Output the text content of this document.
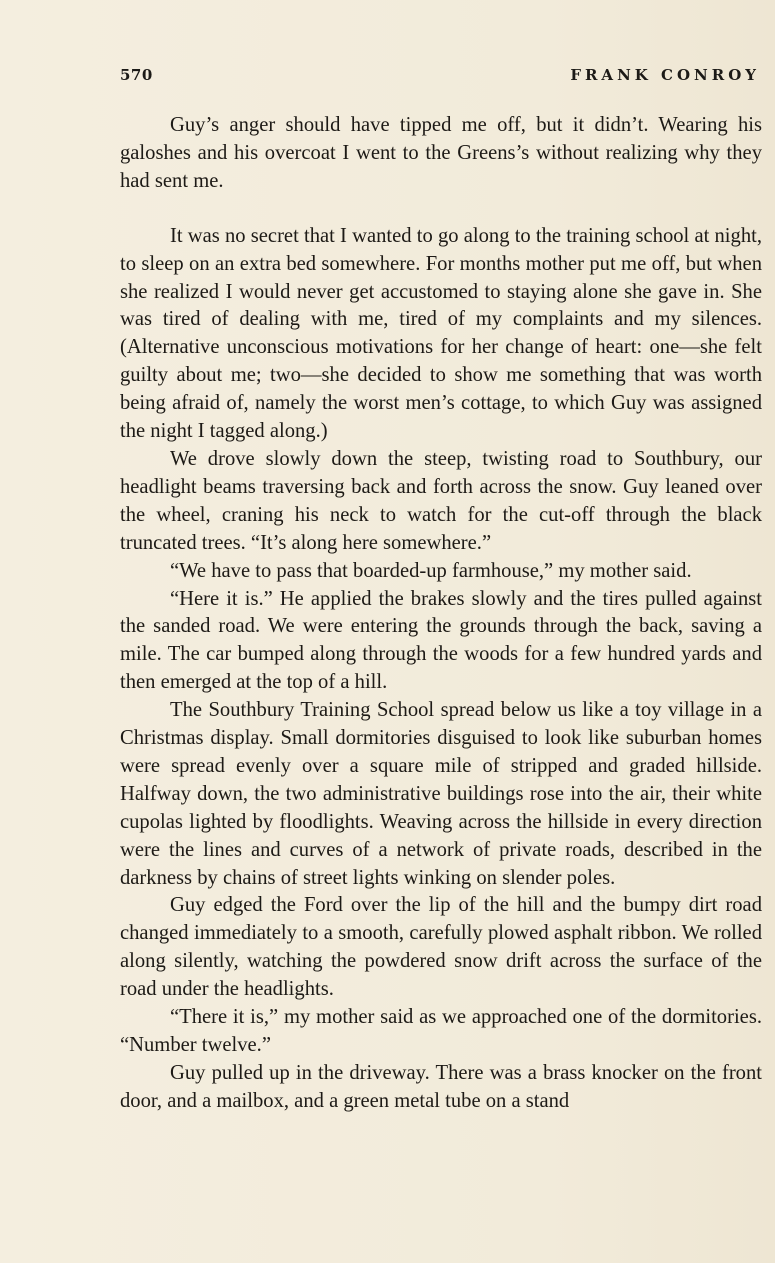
570	FRANK CONROY

Guy’s anger should have tipped me off, but it didn’t. Wearing his galoshes and his overcoat I went to the Greens’s without realizing why they had sent me.

It was no secret that I wanted to go along to the training school at night, to sleep on an extra bed somewhere. For months mother put me off, but when she realized I would never get accustomed to staying alone she gave in. She was tired of dealing with me, tired of my complaints and my silences. (Alternative unconscious motivations for her change of heart: one—she felt guilty about me; two—she decided to show me something that was worth being afraid of, namely the worst men’s cottage, to which Guy was assigned the night I tagged along.)

We drove slowly down the steep, twisting road to Southbury, our headlight beams traversing back and forth across the snow. Guy leaned over the wheel, craning his neck to watch for the cut-off through the black truncated trees. “It’s along here somewhere.”

“We have to pass that boarded-up farmhouse,” my mother said.

“Here it is.” He applied the brakes slowly and the tires pulled against the sanded road. We were entering the grounds through the back, saving a mile. The car bumped along through the woods for a few hundred yards and then emerged at the top of a hill.

The Southbury Training School spread below us like a toy village in a Christmas display. Small dormitories disguised to look like suburban homes were spread evenly over a square mile of stripped and graded hillside. Halfway down, the two administrative buildings rose into the air, their white cupolas lighted by floodlights. Weaving across the hillside in every direction were the lines and curves of a network of private roads, described in the darkness by chains of street lights winking on slender poles.

Guy edged the Ford over the lip of the hill and the bumpy dirt road changed immediately to a smooth, carefully plowed asphalt ribbon. We rolled along silently, watching the powdered snow drift across the surface of the road under the headlights.

“There it is,” my mother said as we approached one of the dormitories. “Number twelve.”

Guy pulled up in the driveway. There was a brass knocker on the front door, and a mailbox, and a green metal tube on a stand
